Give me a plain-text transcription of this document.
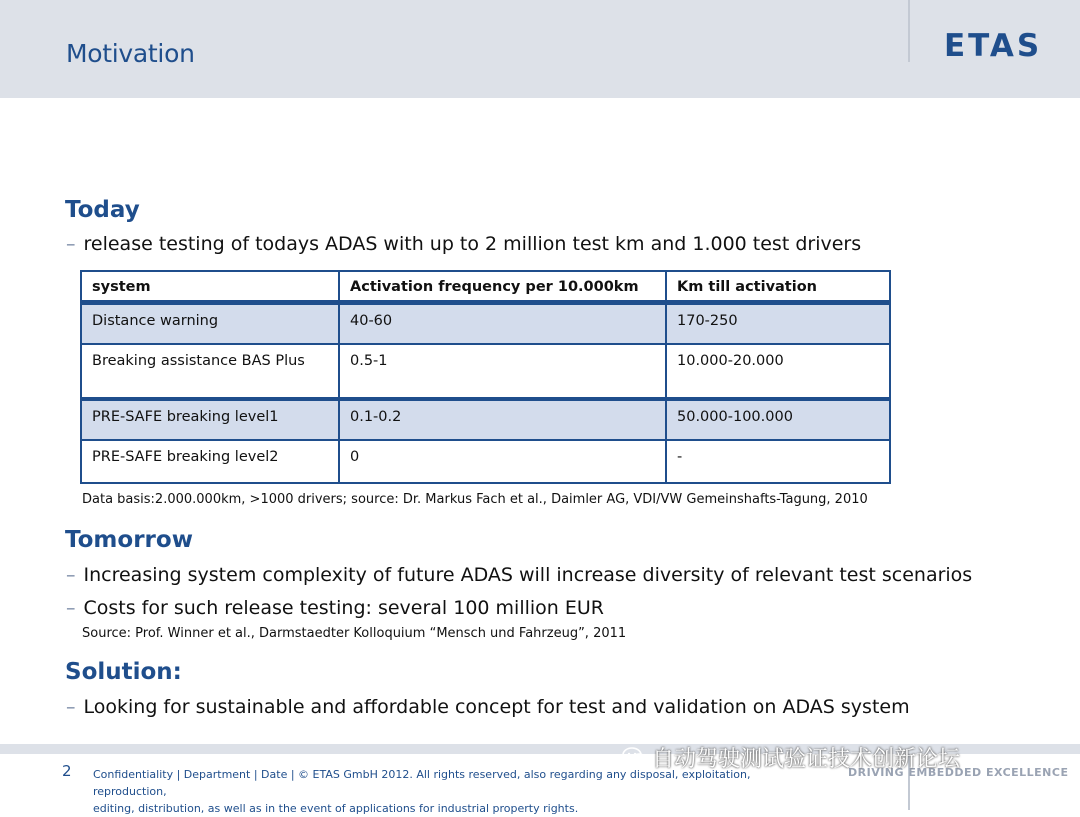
Motivation	ETAS
Today
– release testing of todays ADAS with up to 2 million test km and 1.000 test drivers
system	Activation frequency per 10.000km	Km till activation
Distance warning	40-60	170-250
Breaking assistance BAS Plus	0.5-1	10.000-20.000
PRE-SAFE breaking level1	0.1-0.2	50.000-100.000
PRE-SAFE breaking level2	0	-
Data basis:2.000.000km, >1000 drivers; source: Dr. Markus Fach et al., Daimler AG, VDI/VW Gemeinshafts-Tagung, 2010
Tomorrow
– Increasing system complexity of future ADAS will increase diversity of relevant test scenarios
– Costs for such release testing: several 100 million EUR
Source: Prof. Winner et al., Darmstaedter Kolloquium “Mensch und Fahrzeug”, 2011
Solution:
– Looking for sustainable and affordable concept for test and validation on ADAS system
2 Confidentiality | Department | Date | © ETAS GmbH 2012. All rights reserved, also regarding any disposal, exploitation, reproduction,
editing, distribution, as well as in the event of applications for industrial property rights.
DRIVING EMBEDDED EXCELLENCE
自动驾驶测试验证技术创新论坛
